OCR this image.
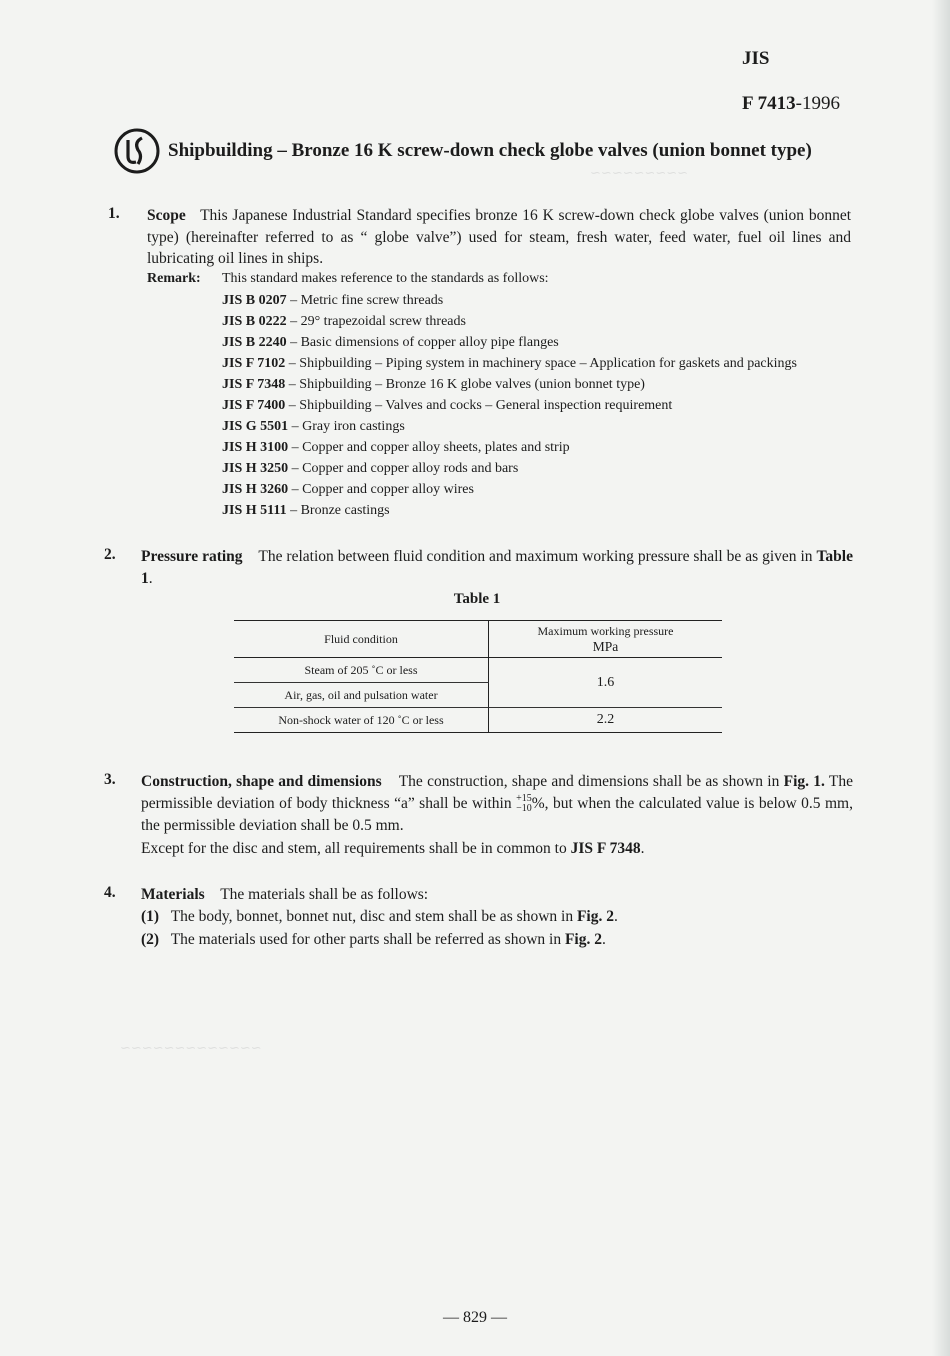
∼∼∼∼∼∼∼∼∼
∼∼∼∼∼∼∼∼∼∼∼∼∼
JIS
F 7413-1996
Shipbuilding – Bronze 16 K screw-down check globe valves (union bonnet type)
1. Scope This Japanese Industrial Standard specifies bronze 16 K screw-down check globe valves (union bonnet type) (hereinafter referred to as “ globe valve”) used for steam, fresh water, feed water, fuel oil lines and lubricating oil lines in ships.
Remark: This standard makes reference to the standards as follows:
JIS B 0207 – Metric fine screw threads
JIS B 0222 – 29° trapezoidal screw threads
JIS B 2240 – Basic dimensions of copper alloy pipe flanges
JIS F 7102 – Shipbuilding – Piping system in machinery space – Application for gaskets and packings
JIS F 7348 – Shipbuilding – Bronze 16 K globe valves (union bonnet type)
JIS F 7400 – Shipbuilding – Valves and cocks – General inspection requirement
JIS G 5501 – Gray iron castings
JIS H 3100 – Copper and copper alloy sheets, plates and strip
JIS H 3250 – Copper and copper alloy rods and bars
JIS H 3260 – Copper and copper alloy wires
JIS H 5111 – Bronze castings
2. Pressure rating The relation between fluid condition and maximum working pressure shall be as given in Table 1.
Table 1
Fluid condition	Maximum working pressure
MPa

Steam of 205 ˚C or less	1.6
Air, gas, oil and pulsation water	
Non-shock water of 120 ˚C or less	2.2
3. Construction, shape and dimensions The construction, shape and dimensions shall be as shown in Fig. 1. The permissible deviation of body thickness “a” shall be within +15
−10 %, but when the calculated value is below 0.5 mm, the permissible deviation shall be 0.5 mm.
Except for the disc and stem, all requirements shall be in common to JIS F 7348.
4. Materials The materials shall be as follows:
(1) The body, bonnet, bonnet nut, disc and stem shall be as shown in Fig. 2.
(2) The materials used for other parts shall be referred as shown in Fig. 2.
— 829 —
